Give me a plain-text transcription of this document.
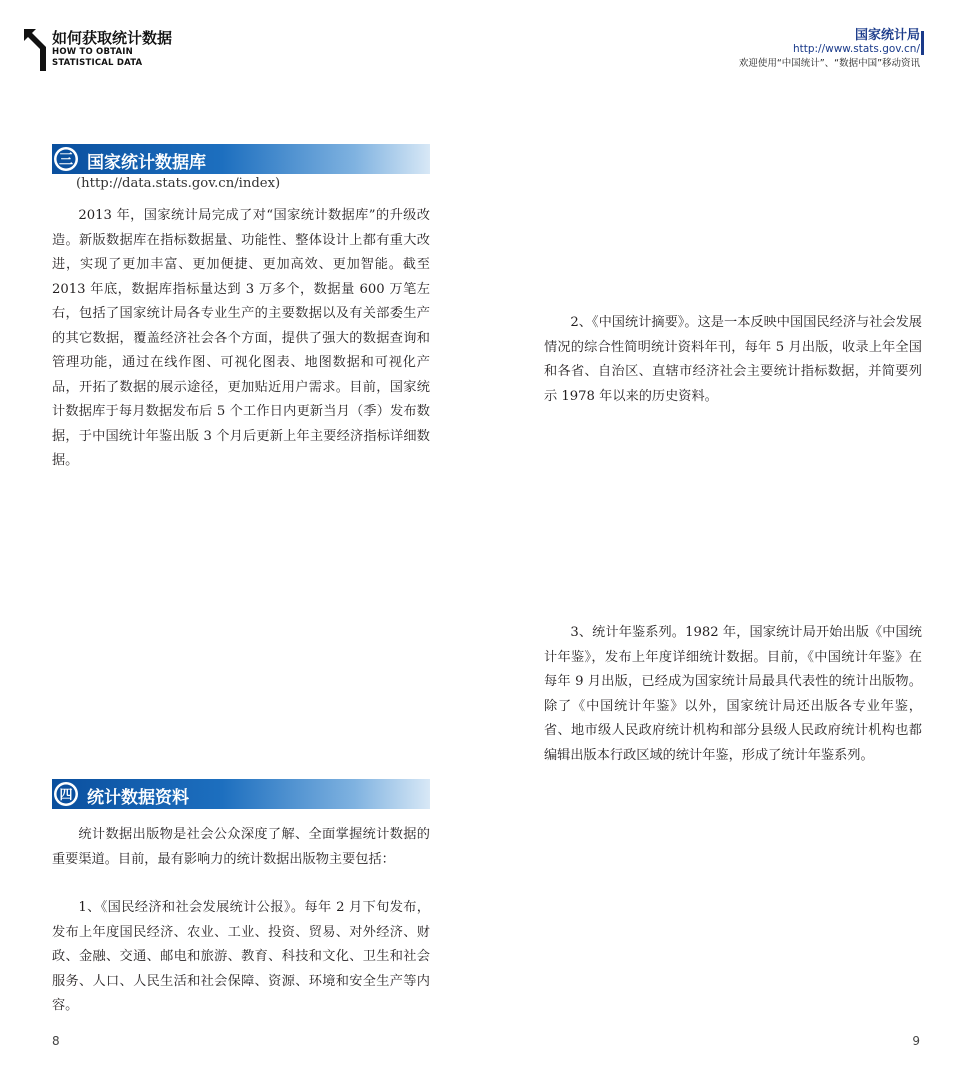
如何获取统计数据
HOW TO OBTAIN
STATISTICAL DATA
国家统计局
http://www.stats.gov.cn/
欢迎使用“中国统计”、“数据中国”移动资讯
三 国家统计数据库
(http://data.stats.gov.cn/index)

2013 年，国家统计局完成了对“国家统计数据库”的升级改造。新版数据库在指标数据量、功能性、整体设计上都有重大改进，实现了更加丰富、更加便捷、更加高效、更加智能。截至 2013 年底，数据库指标量达到 3 万多个，数据量 600 万笔左右，包括了国家统计局各专业生产的主要数据以及有关部委生产的其它数据，覆盖经济社会各个方面，提供了强大的数据查询和管理功能，通过在线作图、可视化图表、地图数据和可视化产品，开拓了数据的展示途径，更加贴近用户需求。目前，国家统计数据库于每月数据发布后 5 个工作日内更新当月（季）发布数据，于中国统计年鉴出版 3 个月后更新上年主要经济指标详细数据。

四 统计数据资料

统计数据出版物是社会公众深度了解、全面掌握统计数据的重要渠道。目前，最有影响力的统计数据出版物主要包括：

1、《国民经济和社会发展统计公报》。每年 2 月下旬发布，发布上年度国民经济、农业、工业、投资、贸易、对外经济、财政、金融、交通、邮电和旅游、教育、科技和文化、卫生和社会服务、人口、人民生活和社会保障、资源、环境和安全生产等内容。

2、《中国统计摘要》。这是一本反映中国国民经济与社会发展情况的综合性简明统计资料年刊，每年 5 月出版，收录上年全国和各省、自治区、直辖市经济社会主要统计指标数据，并简要列示 1978 年以来的历史资料。

3、统计年鉴系列。1982 年，国家统计局开始出版《中国统计年鉴》，发布上年度详细统计数据。目前，《中国统计年鉴》在每年 9 月出版，已经成为国家统计局最具代表性的统计出版物。除了《中国统计年鉴》以外，国家统计局还出版各专业年鉴，省、地市级人民政府统计机构和部分县级人民政府统计机构也都编辑出版本行政区域的统计年鉴，形成了统计年鉴系列。

8	9
